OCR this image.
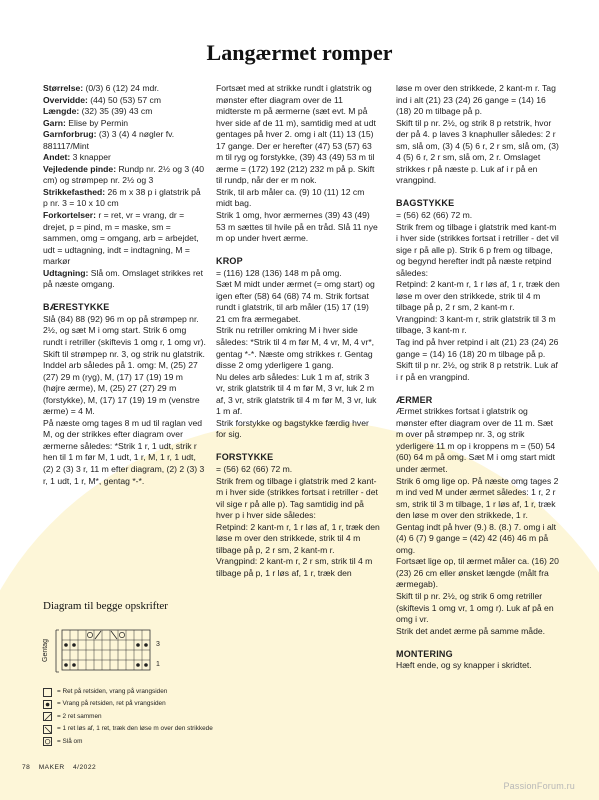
Langærmet romper

Størrelse: (0/3) 6 (12) 24 mdr.

Overvidde: (44) 50 (53) 57 cm

Længde: (32) 35 (39) 43 cm

Garn: Elise by Permin

Garnforbrug: (3) 3 (4) 4 nøgler fv. 881117/Mint

Andet: 3 knapper

Vejledende pinde: Rundp nr. 2½ og 3 (40 cm) og strømpep nr. 2½ og 3

Strikkefasthed: 26 m x 38 p i glatstrik på p nr. 3 = 10 x 10 cm

Forkortelser: r = ret, vr = vrang, dr = drejet, p = pind, m = maske, sm = sammen, omg = omgang, arb = arbejdet, udt = udtagning, indt = indtagning, M = markør

Udtagning: Slå om. Omslaget strikkes ret på næste omgang.

BÆRESTYKKE

Slå (84) 88 (92) 96 m op på strømpep nr. 2½, og sæt M i omg start. Strik 6 omg rundt i retriller (skiftevis 1 omg r, 1 omg vr).

Skift til strømpep nr. 3, og strik nu glatstrik. Inddel arb således på 1. omg: M, (25) 27 (27) 29 m (ryg), M, (17) 17 (19) 19 m (højre ærme), M, (25) 27 (27) 29 m (forstykke), M, (17) 17 (19) 19 m (venstre ærme) = 4 M.

På næste omg tages 8 m ud til raglan ved M, og der strikkes efter diagram over ærmerne således: *Strik 1 r, 1 udt, strik r hen til 1 m før M, 1 udt, 1 r, M, 1 r, 1 udt, (2) 2 (3) 3 r, 11 m efter diagram, (2) 2 (3) 3 r, 1 udt, 1 r, M*, gentag *-*.

Fortsæt med at strikke rundt i glatstrik og mønster efter diagram over de 11 midterste m på ærmerne (sæt evt. M på hver side af de 11 m), samtidig med at udt gentages på hver 2. omg i alt (11) 13 (15) 17 gange. Der er herefter (47) 53 (57) 63 m til ryg og forstykke, (39) 43 (49) 53 m til ærme = (172) 192 (212) 232 m på p. Skift til rundp, når der er m nok.

Strik, til arb måler ca. (9) 10 (11) 12 cm midt bag.

Strik 1 omg, hvor ærmernes (39) 43 (49) 53 m sættes til hvile på en tråd. Slå 11 nye m op under hvert ærme.

KROP

= (116) 128 (136) 148 m på omg.

Sæt M midt under ærmet (= omg start) og igen efter (58) 64 (68) 74 m. Strik fortsat rundt i glatstrik, til arb måler (15) 17 (19) 21 cm fra ærmegabet.

Strik nu retriller omkring M i hver side således: *Strik til 4 m før M, 4 vr, M, 4 vr*, gentag *-*. Næste omg strikkes r. Gentag disse 2 omg yderligere 1 gang.

Nu deles arb således: Luk 1 m af, strik 3 vr, strik glatstrik til 4 m før M, 3 vr, luk 2 m af, 3 vr, strik glatstrik til 4 m før M, 3 vr, luk 1 m af.

Strik forstykke og bagstykke færdig hver for sig.

FORSTYKKE

= (56) 62 (66) 72 m.

Strik frem og tilbage i glatstrik med 2 kant-m i hver side (strikkes fortsat i retriller - det vil sige r på alle p). Tag samtidig ind på hver p i hver side således:

Retpind: 2 kant-m r, 1 r løs af, 1 r, træk den løse m over den strikkede, strik til 4 m tilbage på p, 2 r sm, 2 kant-m r.

Vrangpind: 2 kant-m r, 2 r sm, strik til 4 m tilbage på p, 1 r løs af, 1 r, træk den

løse m over den strikkede, 2 kant-m r. Tag ind i alt (21) 23 (24) 26 gange = (14) 16 (18) 20 m tilbage på p.

Skift til p nr. 2½, og strik 8 p retstrik, hvor der på 4. p laves 3 knaphuller således: 2 r sm, slå om, (3) 4 (5) 6 r, 2 r sm, slå om, (3) 4 (5) 6 r, 2 r sm, slå om, 2 r. Omslaget strikkes r på næste p. Luk af i r på en vrangpind.

BAGSTYKKE

= (56) 62 (66) 72 m.

Strik frem og tilbage i glatstrik med kant-m i hver side (strikkes fortsat i retriller - det vil sige r på alle p). Strik 6 p frem og tilbage, og begynd herefter indt på næste retpind således:

Retpind: 2 kant-m r, 1 r løs af, 1 r, træk den løse m over den strikkede, strik til 4 m tilbage på p, 2 r sm, 2 kant-m r.

Vrangpind: 3 kant-m r, strik glatstrik til 3 m tilbage, 3 kant-m r.

Tag ind på hver retpind i alt (21) 23 (24) 26 gange = (14) 16 (18) 20 m tilbage på p.

Skift til p nr. 2½, og strik 8 p retstrik. Luk af i r på en vrangpind.

ÆRMER

Ærmet strikkes fortsat i glatstrik og mønster efter diagram over de 11 m. Sæt m over på strømpep nr. 3, og strik yderligere 11 m op i kroppens m = (50) 54 (60) 64 m på omg. Sæt M i omg start midt under ærmet.

Strik 6 omg lige op. På næste omg tages 2 m ind ved M under ærmet således: 1 r, 2 r sm, strik til 3 m tilbage, 1 r løs af, 1 r, træk den løse m over den strikkede, 1 r.

Gentag indt på hver (9.) 8. (8.) 7. omg i alt (4) 6 (7) 9 gange = (42) 42 (46) 46 m på omg.

Fortsæt lige op, til ærmet måler ca. (16) 20 (23) 26 cm eller ønsket længde (målt fra ærmegab).

Skift til p nr. 2½, og strik 6 omg retriller (skiftevis 1 omg vr, 1 omg r). Luk af på en omg i vr.

Strik det andet ærme på samme måde.

MONTERING

Hæft ende, og sy knapper i skridtet.

Diagram til begge opskrifter
Gentag	3
1
= Ret på retsiden, vrang på vrangsiden
= Vrang på retsiden, ret på vrangsiden
= 2 ret sammen
= 1 ret løs af, 1 ret, træk den løse m over den strikkede
= Slå om
78 MAKER 4/2022
PassionForum.ru
